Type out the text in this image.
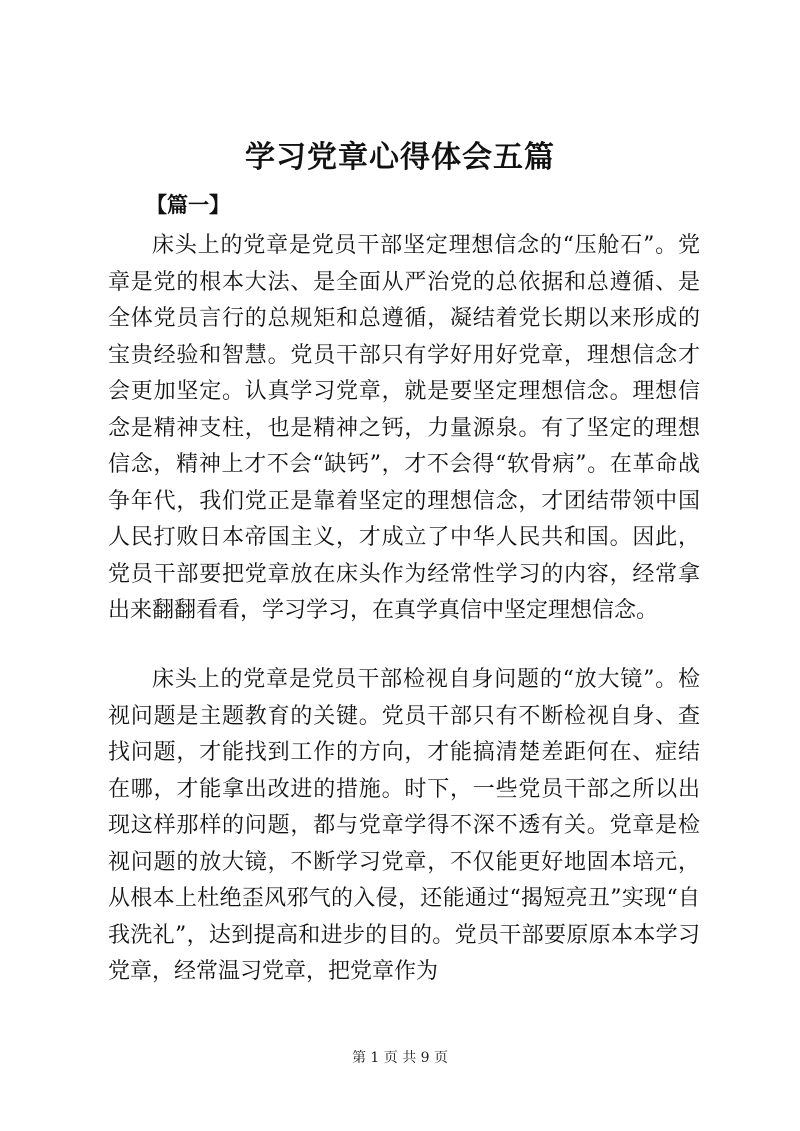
学习党章心得体会五篇
【篇一】

床头上的党章是党员干部坚定理想信念的“压舱石”。党章是党的根本大法、是全面从严治党的总依据和总遵循、是全体党员言行的总规矩和总遵循，凝结着党长期以来形成的宝贵经验和智慧。党员干部只有学好用好党章，理想信念才会更加坚定。认真学习党章，就是要坚定理想信念。理想信念是精神支柱，也是精神之钙，力量源泉。有了坚定的理想信念，精神上才不会“缺钙”，才不会得“软骨病”。在革命战争年代，我们党正是靠着坚定的理想信念，才团结带领中国人民打败日本帝国主义，才成立了中华人民共和国。因此，党员干部要把党章放在床头作为经常性学习的内容，经常拿出来翻翻看看，学习学习，在真学真信中坚定理想信念。

床头上的党章是党员干部检视自身问题的“放大镜”。检视问题是主题教育的关键。党员干部只有不断检视自身、查找问题，才能找到工作的方向，才能搞清楚差距何在、症结在哪，才能拿出改进的措施。时下，一些党员干部之所以出现这样那样的问题，都与党章学得不深不透有关。党章是检视问题的放大镜，不断学习党章，不仅能更好地固本培元，从根本上杜绝歪风邪气的入侵，还能通过“揭短亮丑”实现“自我洗礼”，达到提高和进步的目的。党员干部要原原本本学习党章，经常温习党章，把党章作为

第 1 页 共 9 页
